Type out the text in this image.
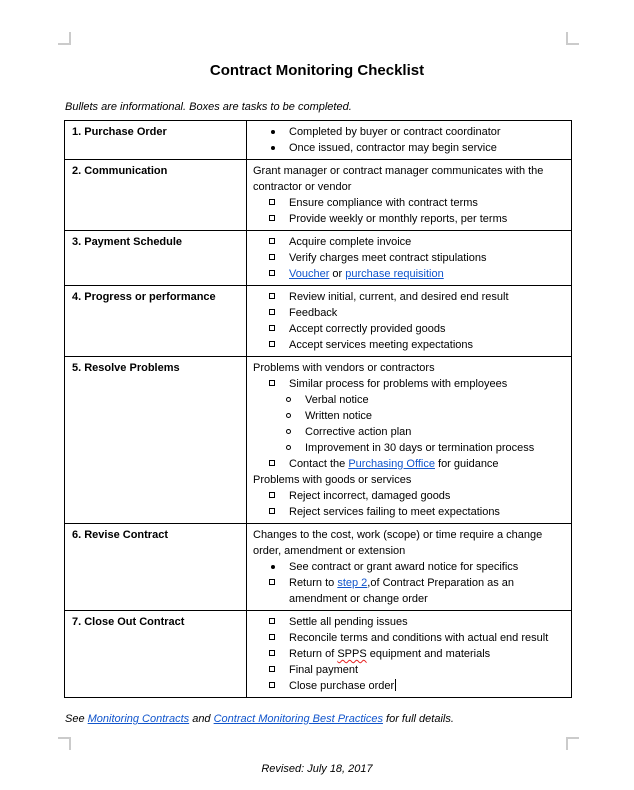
Contract Monitoring Checklist
Bullets are informational. Boxes are tasks to be completed.
1. Purchase Order	Completed by buyer or contract coordinator
Once issued, contractor may begin service

2. Communication	Grant manager or contract manager communicates with the contractor or vendor
Ensure compliance with contract terms
Provide weekly or monthly reports, per terms

3. Payment Schedule	Acquire complete invoice
Verify charges meet contract stipulations
Voucher or purchase requisition

4. Progress or performance	Review initial, current, and desired end result
Feedback
Accept correctly provided goods
Accept services meeting expectations

5. Resolve Problems	Problems with vendors or contractors
Similar process for problems with employees
Verbal notice
Written notice
Corrective action plan
Improvement in 30 days or termination process
Contact the Purchasing Office for guidance
Problems with goods or services
Reject incorrect, damaged goods
Reject services failing to meet expectations

6. Revise Contract	Changes to the cost, work (scope) or time require a change order, amendment or extension
See contract or grant award notice for specifics
Return to step 2,of Contract Preparation as an amendment or change order

7. Close Out Contract	Settle all pending issues
Reconcile terms and conditions with actual end result
Return of SPPS equipment and materials
Final payment
Close purchase order
See Monitoring Contracts and Contract Monitoring Best Practices for full details.
Revised: July 18, 2017
